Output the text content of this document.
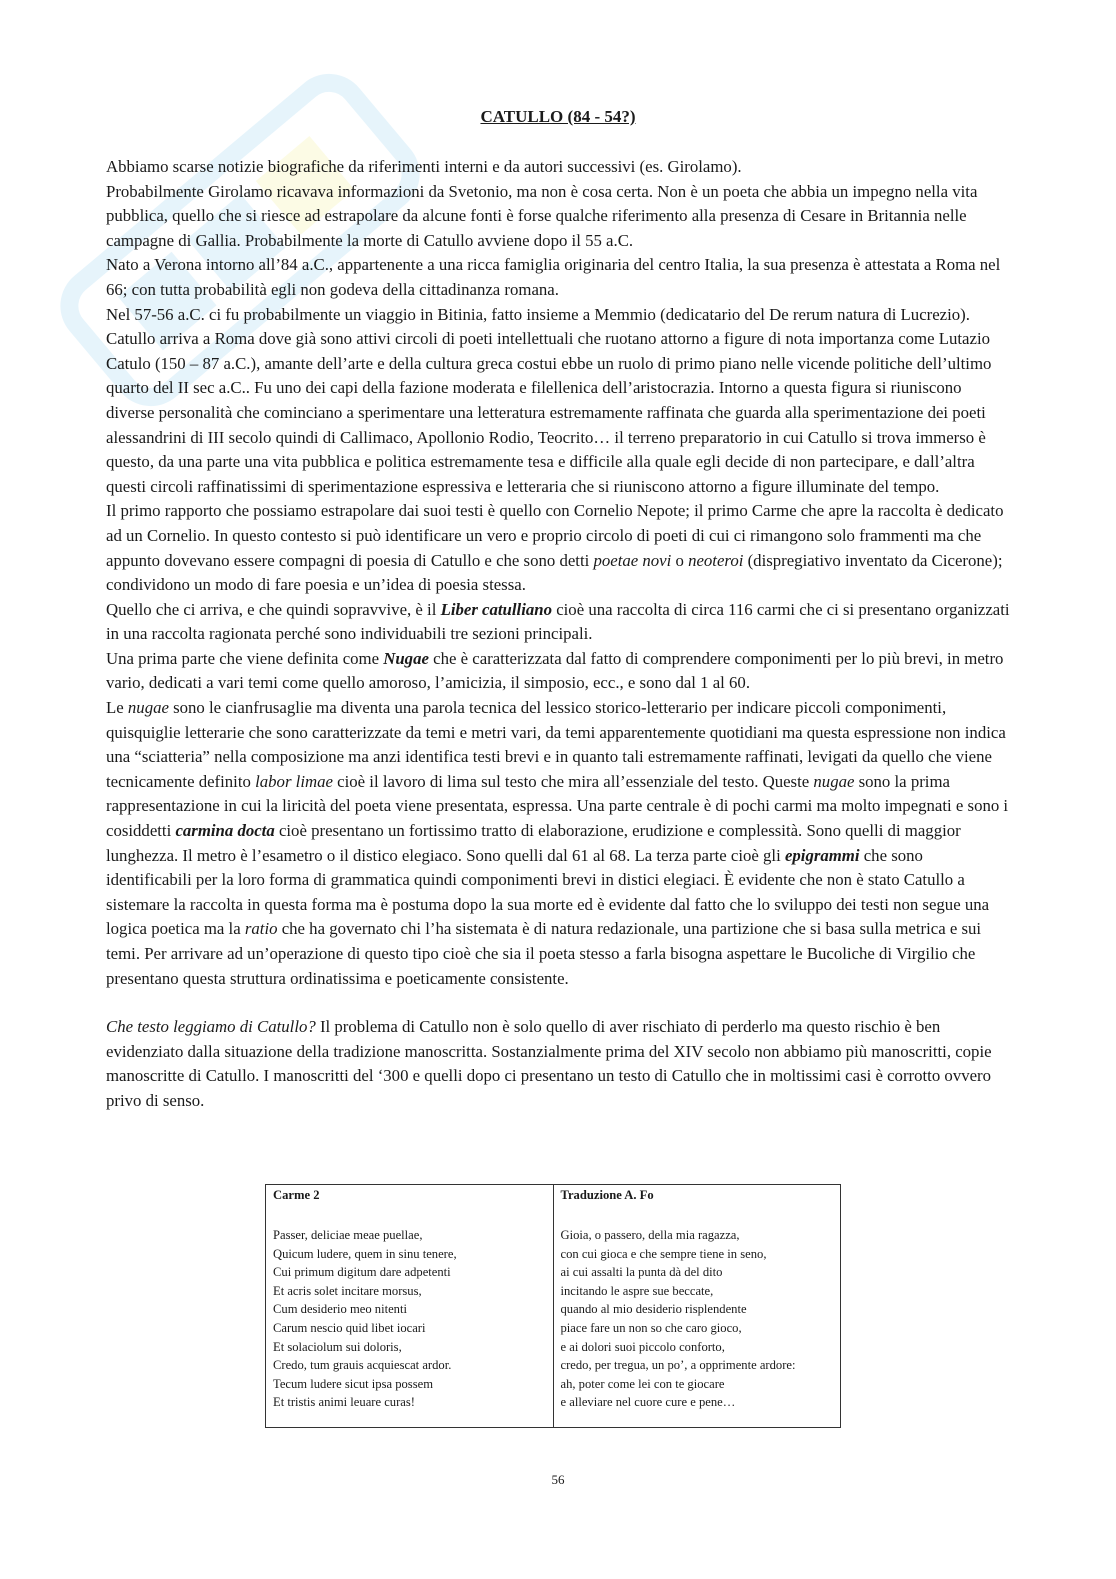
CATULLO (84 - 54?)

Abbiamo scarse notizie biografiche da riferimenti interni e da autori successivi (es. Girolamo).

Probabilmente Girolamo ricavava informazioni da Svetonio, ma non è cosa certa. Non è un poeta che abbia un impegno nella vita pubblica, quello che si riesce ad estrapolare da alcune fonti è forse qualche riferimento alla presenza di Cesare in Britannia nelle campagne di Gallia. Probabilmente la morte di Catullo avviene dopo il 55 a.C.

Nato a Verona intorno all’84 a.C., appartenente a una ricca famiglia originaria del centro Italia, la sua presenza è attestata a Roma nel 66; con tutta probabilità egli non godeva della cittadinanza romana.

Nel 57-56 a.C. ci fu probabilmente un viaggio in Bitinia, fatto insieme a Memmio (dedicatario del De rerum natura di Lucrezio). Catullo arriva a Roma dove già sono attivi circoli di poeti intellettuali che ruotano attorno a figure di nota importanza come Lutazio Catulo (150 – 87 a.C.), amante dell’arte e della cultura greca costui ebbe un ruolo di primo piano nelle vicende politiche dell’ultimo quarto del II sec a.C.. Fu uno dei capi della fazione moderata e filellenica dell’aristocrazia. Intorno a questa figura si riuniscono diverse personalità che cominciano a sperimentare una letteratura estremamente raffinata che guarda alla sperimentazione dei poeti alessandrini di III secolo quindi di Callimaco, Apollonio Rodio, Teocrito… il terreno preparatorio in cui Catullo si trova immerso è questo, da una parte una vita pubblica e politica estremamente tesa e difficile alla quale egli decide di non partecipare, e dall’altra questi circoli raffinatissimi di sperimentazione espressiva e letteraria che si riuniscono attorno a figure illuminate del tempo.

Il primo rapporto che possiamo estrapolare dai suoi testi è quello con Cornelio Nepote; il primo Carme che apre la raccolta è dedicato ad un Cornelio. In questo contesto si può identificare un vero e proprio circolo di poeti di cui ci rimangono solo frammenti ma che appunto dovevano essere compagni di poesia di Catullo e che sono detti poetae novi o neoteroi (dispregiativo inventato da Cicerone); condividono un modo di fare poesia e un’idea di poesia stessa.

Quello che ci arriva, e che quindi sopravvive, è il Liber catulliano cioè una raccolta di circa 116 carmi che ci si presentano organizzati in una raccolta ragionata perché sono individuabili tre sezioni principali.

Una prima parte che viene definita come Nugae che è caratterizzata dal fatto di comprendere componimenti per lo più brevi, in metro vario, dedicati a vari temi come quello amoroso, l’amicizia, il simposio, ecc., e sono dal 1 al 60.

Le nugae sono le cianfrusaglie ma diventa una parola tecnica del lessico storico-letterario per indicare piccoli componimenti, quisquiglie letterarie che sono caratterizzate da temi e metri vari, da temi apparentemente quotidiani ma questa espressione non indica una “sciatteria” nella composizione ma anzi identifica testi brevi e in quanto tali estremamente raffinati, levigati da quello che viene tecnicamente definito labor limae cioè il lavoro di lima sul testo che mira all’essenziale del testo. Queste nugae sono la prima rappresentazione in cui la liricità del poeta viene presentata, espressa. Una parte centrale è di pochi carmi ma molto impegnati e sono i cosiddetti carmina docta cioè presentano un fortissimo tratto di elaborazione, erudizione e complessità. Sono quelli di maggior lunghezza. Il metro è l’esametro o il distico elegiaco. Sono quelli dal 61 al 68. La terza parte cioè gli epigrammi che sono identificabili per la loro forma di grammatica quindi componimenti brevi in distici elegiaci. È evidente che non è stato Catullo a sistemare la raccolta in questa forma ma è postuma dopo la sua morte ed è evidente dal fatto che lo sviluppo dei testi non segue una logica poetica ma la ratio che ha governato chi l’ha sistemata è di natura redazionale, una partizione che si basa sulla metrica e sui temi. Per arrivare ad un’operazione di questo tipo cioè che sia il poeta stesso a farla bisogna aspettare le Bucoliche di Virgilio che presentano questa struttura ordinatissima e poeticamente consistente.

Che testo leggiamo di Catullo? Il problema di Catullo non è solo quello di aver rischiato di perderlo ma questo rischio è ben evidenziato dalla situazione della tradizione manoscritta. Sostanzialmente prima del XIV secolo non abbiamo più manoscritti, copie manoscritte di Catullo. I manoscritti del ‘300 e quelli dopo ci presentano un testo di Catullo che in moltissimi casi è corrotto ovvero privo di senso.

Carme 2
Passer, deliciae meae puellae,
Quicum ludere, quem in sinu tenere,
Cui primum digitum dare adpetenti
Et acris solet incitare morsus,
Cum desiderio meo nitenti
Carum nescio quid libet iocari
Et solaciolum sui doloris,
Credo, tum grauis acquiescat ardor.
Tecum ludere sicut ipsa possem
Et tristis animi leuare curas!
Traduzione A. Fo
Gioia, o passero, della mia ragazza,
con cui gioca e che sempre tiene in seno,
ai cui assalti la punta dà del dito
incitando le aspre sue beccate,
quando al mio desiderio risplendente
piace fare un non so che caro gioco,
e ai dolori suoi piccolo conforto,
credo, per tregua, un po’, a opprimente ardore:
ah, poter come lei con te giocare
e alleviare nel cuore cure e pene…
56
